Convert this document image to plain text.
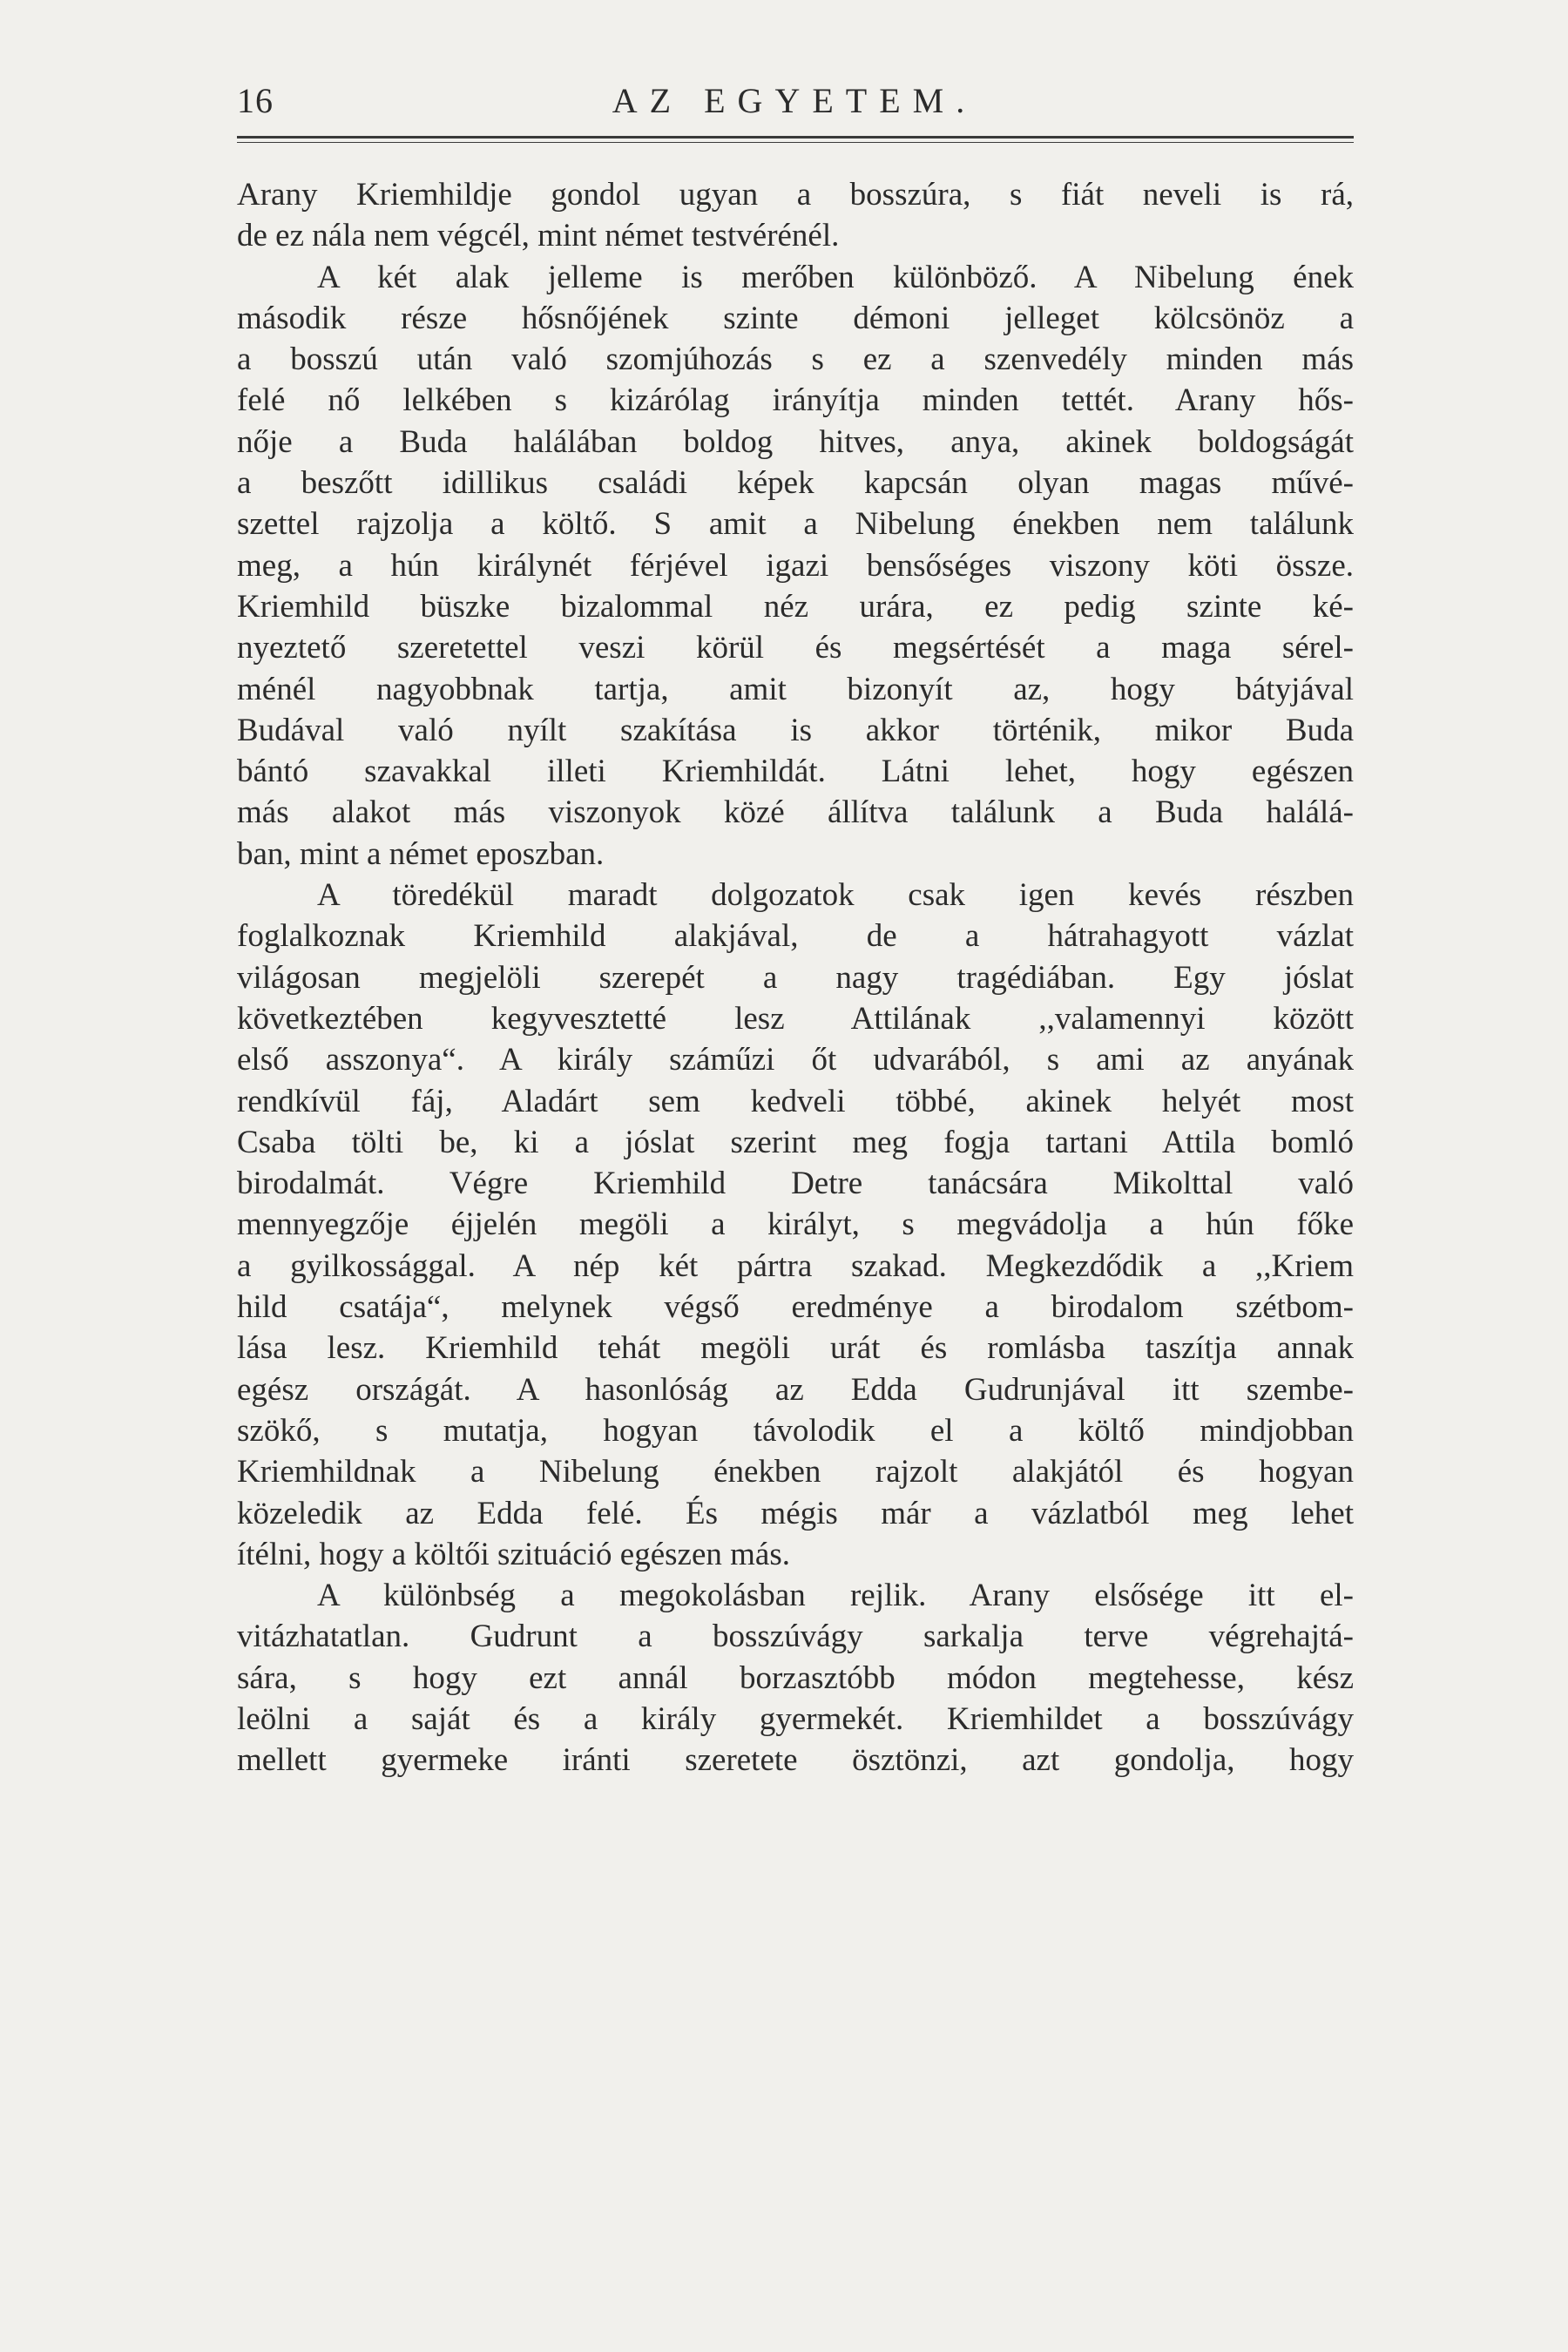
16	AZ EGYETEM.
Arany Kriemhildje gondol ugyan a bosszúra, s fiát neveli is rá,
de ez nála nem végcél, mint német testvérénél.
A két alak jelleme is merőben különböző. A Nibelung ének
második része hősnőjének szinte démoni jelleget kölcsönöz a
a bosszú után való szomjúhozás s ez a szenvedély minden más
felé nő lelkében s kizárólag irányítja minden tettét. Arany hős-
nője a Buda halálában boldog hitves, anya, akinek boldogságát
a beszőtt idillikus családi képek kapcsán olyan magas művé-
szettel rajzolja a költő. S amit a Nibelung énekben nem találunk
meg, a hún királynét férjével igazi bensőséges viszony köti össze.
Kriemhild büszke bizalommal néz urára, ez pedig szinte ké-
nyeztető szeretettel veszi körül és megsértését a maga sérel-
ménél nagyobbnak tartja, amit bizonyít az, hogy bátyjával
Budával való nyílt szakítása is akkor történik, mikor Buda
bántó szavakkal illeti Kriemhildát. Látni lehet, hogy egészen
más alakot más viszonyok közé állítva találunk a Buda halálá-
ban, mint a német eposzban.
A töredékül maradt dolgozatok csak igen kevés részben
foglalkoznak Kriemhild alakjával, de a hátrahagyott vázlat
világosan megjelöli szerepét a nagy tragédiában. Egy jóslat
következtében kegyvesztetté lesz Attilának ,,valamennyi között
első asszonya“. A király száműzi őt udvarából, s ami az anyának
rendkívül fáj, Aladárt sem kedveli többé, akinek helyét most
Csaba tölti be, ki a jóslat szerint meg fogja tartani Attila bomló
birodalmát. Végre Kriemhild Detre tanácsára Mikolttal való
mennyegzője éjjelén megöli a királyt, s megvádolja a hún főke
a gyilkossággal. A nép két pártra szakad. Megkezdődik a ,,Kriem
hild csatája“, melynek végső eredménye a birodalom szétbom-
lása lesz. Kriemhild tehát megöli urát és romlásba taszítja annak
egész országát. A hasonlóság az Edda Gudrunjával itt szembe-
szökő, s mutatja, hogyan távolodik el a költő mindjobban
Kriemhildnak a Nibelung énekben rajzolt alakjától és hogyan
közeledik az Edda felé. És mégis már a vázlatból meg lehet
ítélni, hogy a költői szituáció egészen más.
A különbség a megokolásban rejlik. Arany elsősége itt el-
vitázhatatlan. Gudrunt a bosszúvágy sarkalja terve végrehajtá-
sára, s hogy ezt annál borzasztóbb módon megtehesse, kész
leölni a saját és a király gyermekét. Kriemhildet a bosszúvágy
mellett gyermeke iránti szeretete ösztönzi, azt gondolja, hogy
